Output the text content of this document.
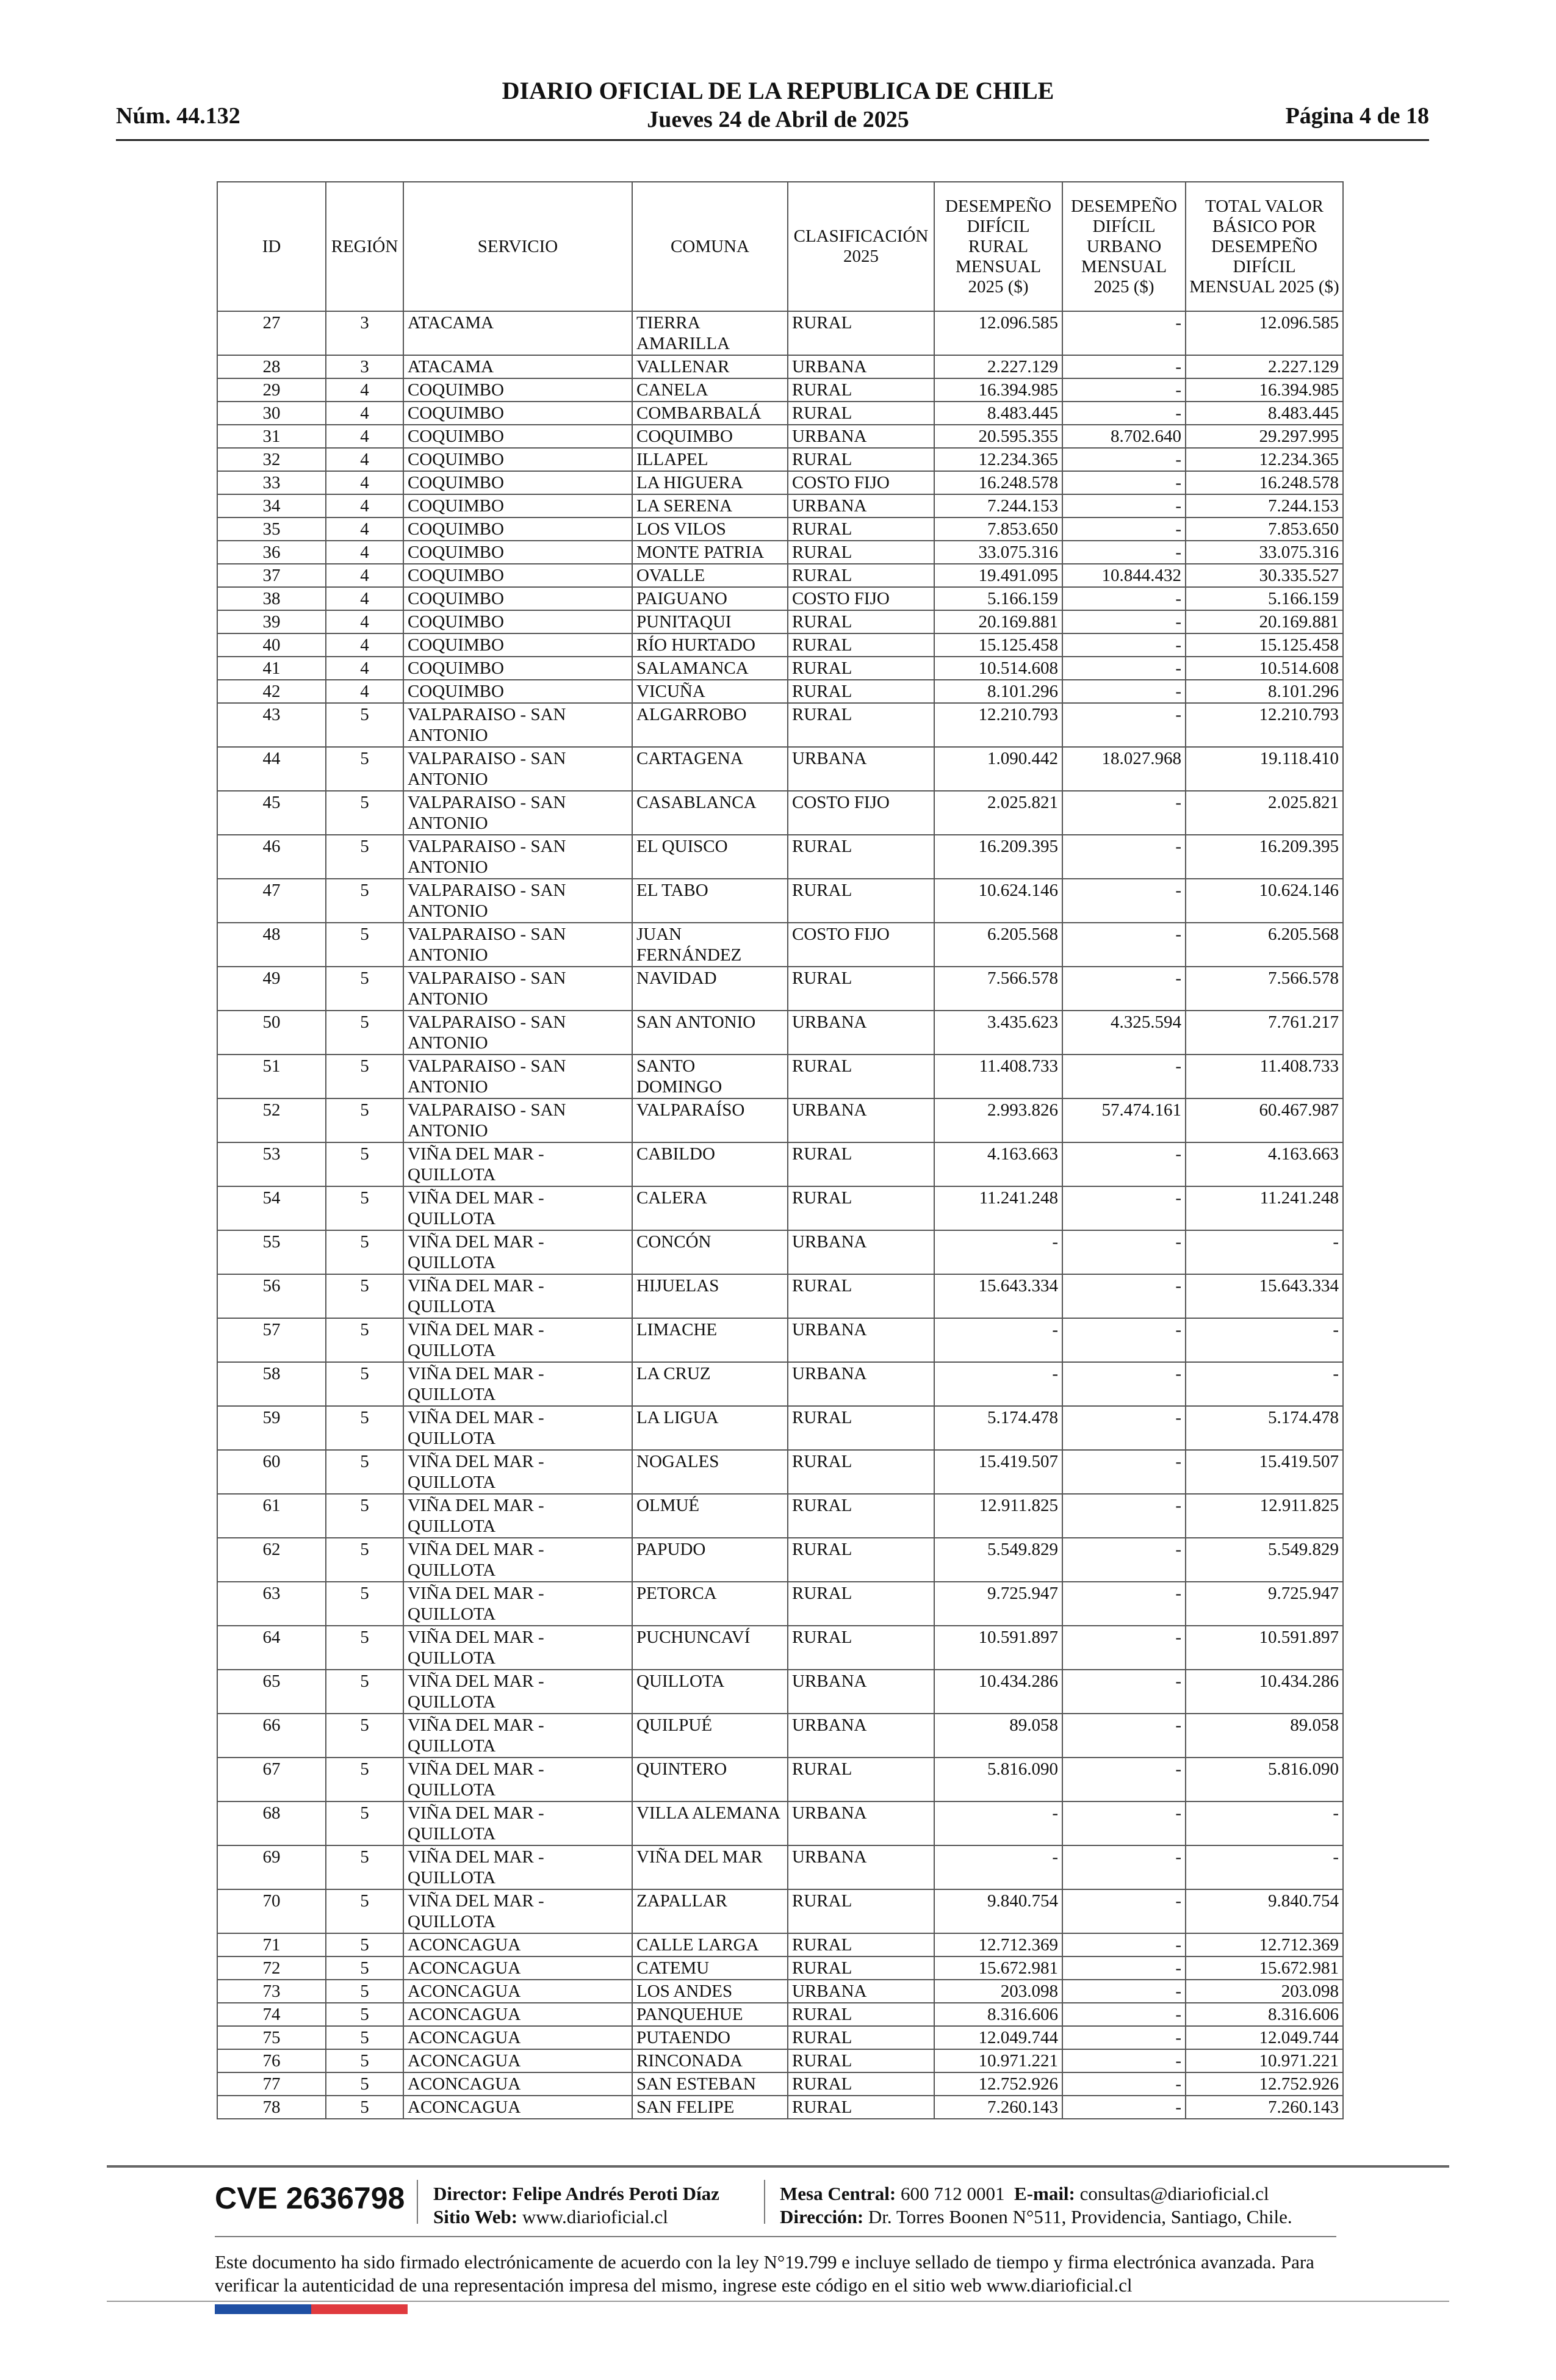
Núm. 44.132
DIARIO OFICIAL DE LA REPUBLICA DE CHILE
Jueves 24 de Abril de 2025	Página 4 de 18
ID	REGIÓN	SERVICIO	COMUNA	CLASIFICACIÓN 2025	DESEMPEÑO DIFÍCIL RURAL MENSUAL 2025 ($)	DESEMPEÑO DIFÍCIL URBANO MENSUAL 2025 ($)	TOTAL VALOR BÁSICO POR DESEMPEÑO DIFÍCIL MENSUAL 2025 ($)
27	3	ATACAMA	TIERRA AMARILLA	RURAL	12.096.585	-	12.096.585
28	3	ATACAMA	VALLENAR	URBANA	2.227.129	-	2.227.129
29	4	COQUIMBO	CANELA	RURAL	16.394.985	-	16.394.985
30	4	COQUIMBO	COMBARBALÁ	RURAL	8.483.445	-	8.483.445
31	4	COQUIMBO	COQUIMBO	URBANA	20.595.355	8.702.640	29.297.995
32	4	COQUIMBO	ILLAPEL	RURAL	12.234.365	-	12.234.365
33	4	COQUIMBO	LA HIGUERA	COSTO FIJO	16.248.578	-	16.248.578
34	4	COQUIMBO	LA SERENA	URBANA	7.244.153	-	7.244.153
35	4	COQUIMBO	LOS VILOS	RURAL	7.853.650	-	7.853.650
36	4	COQUIMBO	MONTE PATRIA	RURAL	33.075.316	-	33.075.316
37	4	COQUIMBO	OVALLE	RURAL	19.491.095	10.844.432	30.335.527
38	4	COQUIMBO	PAIGUANO	COSTO FIJO	5.166.159	-	5.166.159
39	4	COQUIMBO	PUNITAQUI	RURAL	20.169.881	-	20.169.881
40	4	COQUIMBO	RÍO HURTADO	RURAL	15.125.458	-	15.125.458
41	4	COQUIMBO	SALAMANCA	RURAL	10.514.608	-	10.514.608
42	4	COQUIMBO	VICUÑA	RURAL	8.101.296	-	8.101.296
43	5	VALPARAISO - SAN ANTONIO	ALGARROBO	RURAL	12.210.793	-	12.210.793
44	5	VALPARAISO - SAN ANTONIO	CARTAGENA	URBANA	1.090.442	18.027.968	19.118.410
45	5	VALPARAISO - SAN ANTONIO	CASABLANCA	COSTO FIJO	2.025.821	-	2.025.821
46	5	VALPARAISO - SAN ANTONIO	EL QUISCO	RURAL	16.209.395	-	16.209.395
47	5	VALPARAISO - SAN ANTONIO	EL TABO	RURAL	10.624.146	-	10.624.146
48	5	VALPARAISO - SAN ANTONIO	JUAN FERNÁNDEZ	COSTO FIJO	6.205.568	-	6.205.568
49	5	VALPARAISO - SAN ANTONIO	NAVIDAD	RURAL	7.566.578	-	7.566.578
50	5	VALPARAISO - SAN ANTONIO	SAN ANTONIO	URBANA	3.435.623	4.325.594	7.761.217
51	5	VALPARAISO - SAN ANTONIO	SANTO DOMINGO	RURAL	11.408.733	-	11.408.733
52	5	VALPARAISO - SAN ANTONIO	VALPARAÍSO	URBANA	2.993.826	57.474.161	60.467.987
53	5	VIÑA DEL MAR - QUILLOTA	CABILDO	RURAL	4.163.663	-	4.163.663
54	5	VIÑA DEL MAR - QUILLOTA	CALERA	RURAL	11.241.248	-	11.241.248
55	5	VIÑA DEL MAR - QUILLOTA	CONCÓN	URBANA	-	-	-
56	5	VIÑA DEL MAR - QUILLOTA	HIJUELAS	RURAL	15.643.334	-	15.643.334
57	5	VIÑA DEL MAR - QUILLOTA	LIMACHE	URBANA	-	-	-
58	5	VIÑA DEL MAR - QUILLOTA	LA CRUZ	URBANA	-	-	-
59	5	VIÑA DEL MAR - QUILLOTA	LA LIGUA	RURAL	5.174.478	-	5.174.478
60	5	VIÑA DEL MAR - QUILLOTA	NOGALES	RURAL	15.419.507	-	15.419.507
61	5	VIÑA DEL MAR - QUILLOTA	OLMUÉ	RURAL	12.911.825	-	12.911.825
62	5	VIÑA DEL MAR - QUILLOTA	PAPUDO	RURAL	5.549.829	-	5.549.829
63	5	VIÑA DEL MAR - QUILLOTA	PETORCA	RURAL	9.725.947	-	9.725.947
64	5	VIÑA DEL MAR - QUILLOTA	PUCHUNCAVÍ	RURAL	10.591.897	-	10.591.897
65	5	VIÑA DEL MAR - QUILLOTA	QUILLOTA	URBANA	10.434.286	-	10.434.286
66	5	VIÑA DEL MAR - QUILLOTA	QUILPUÉ	URBANA	89.058	-	89.058
67	5	VIÑA DEL MAR - QUILLOTA	QUINTERO	RURAL	5.816.090	-	5.816.090
68	5	VIÑA DEL MAR - QUILLOTA	VILLA ALEMANA	URBANA	-	-	-
69	5	VIÑA DEL MAR - QUILLOTA	VIÑA DEL MAR	URBANA	-	-	-
70	5	VIÑA DEL MAR - QUILLOTA	ZAPALLAR	RURAL	9.840.754	-	9.840.754
71	5	ACONCAGUA	CALLE LARGA	RURAL	12.712.369	-	12.712.369
72	5	ACONCAGUA	CATEMU	RURAL	15.672.981	-	15.672.981
73	5	ACONCAGUA	LOS ANDES	URBANA	203.098	-	203.098
74	5	ACONCAGUA	PANQUEHUE	RURAL	8.316.606	-	8.316.606
75	5	ACONCAGUA	PUTAENDO	RURAL	12.049.744	-	12.049.744
76	5	ACONCAGUA	RINCONADA	RURAL	10.971.221	-	10.971.221
77	5	ACONCAGUA	SAN ESTEBAN	RURAL	12.752.926	-	12.752.926
78	5	ACONCAGUA	SAN FELIPE	RURAL	7.260.143	-	7.260.143
CVE 2636798 Director: Felipe Andrés Peroti Díaz
Sitio Web: www.diarioficial.cl
Mesa Central: 600 712 0001 E-mail: consultas@diarioficial.cl
Dirección: Dr. Torres Boonen N°511, Providencia, Santiago, Chile.
Este documento ha sido firmado electrónicamente de acuerdo con la ley N°19.799 e incluye sellado de tiempo y firma electrónica avanzada. Para verificar la autenticidad de una representación impresa del mismo, ingrese este código en el sitio web www.diarioficial.cl
